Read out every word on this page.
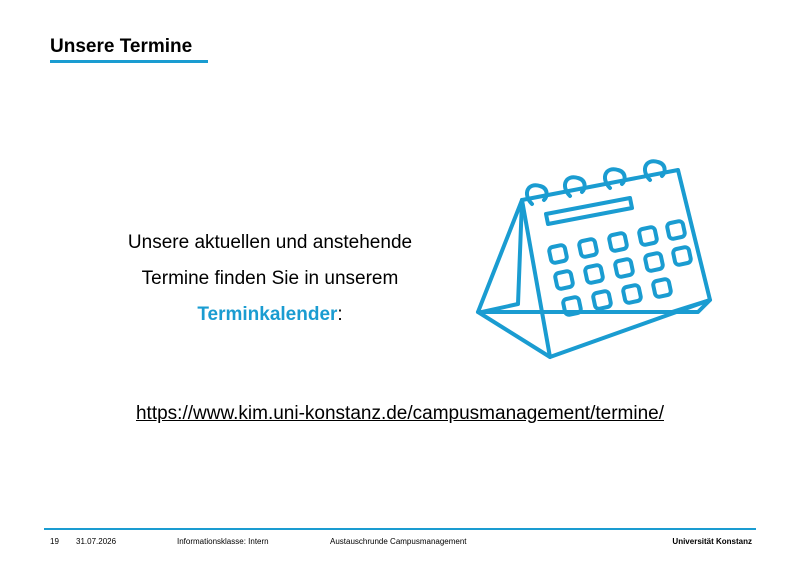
Unsere Termine
Unsere aktuellen und anstehende
Termine finden Sie in unserem
Terminkalender:
https://www.kim.uni-konstanz.de/campusmanagement/termine/
19 31.07.2026	Informationsklasse: Intern	Austauschrunde Campusmanagement	Universität Konstanz
